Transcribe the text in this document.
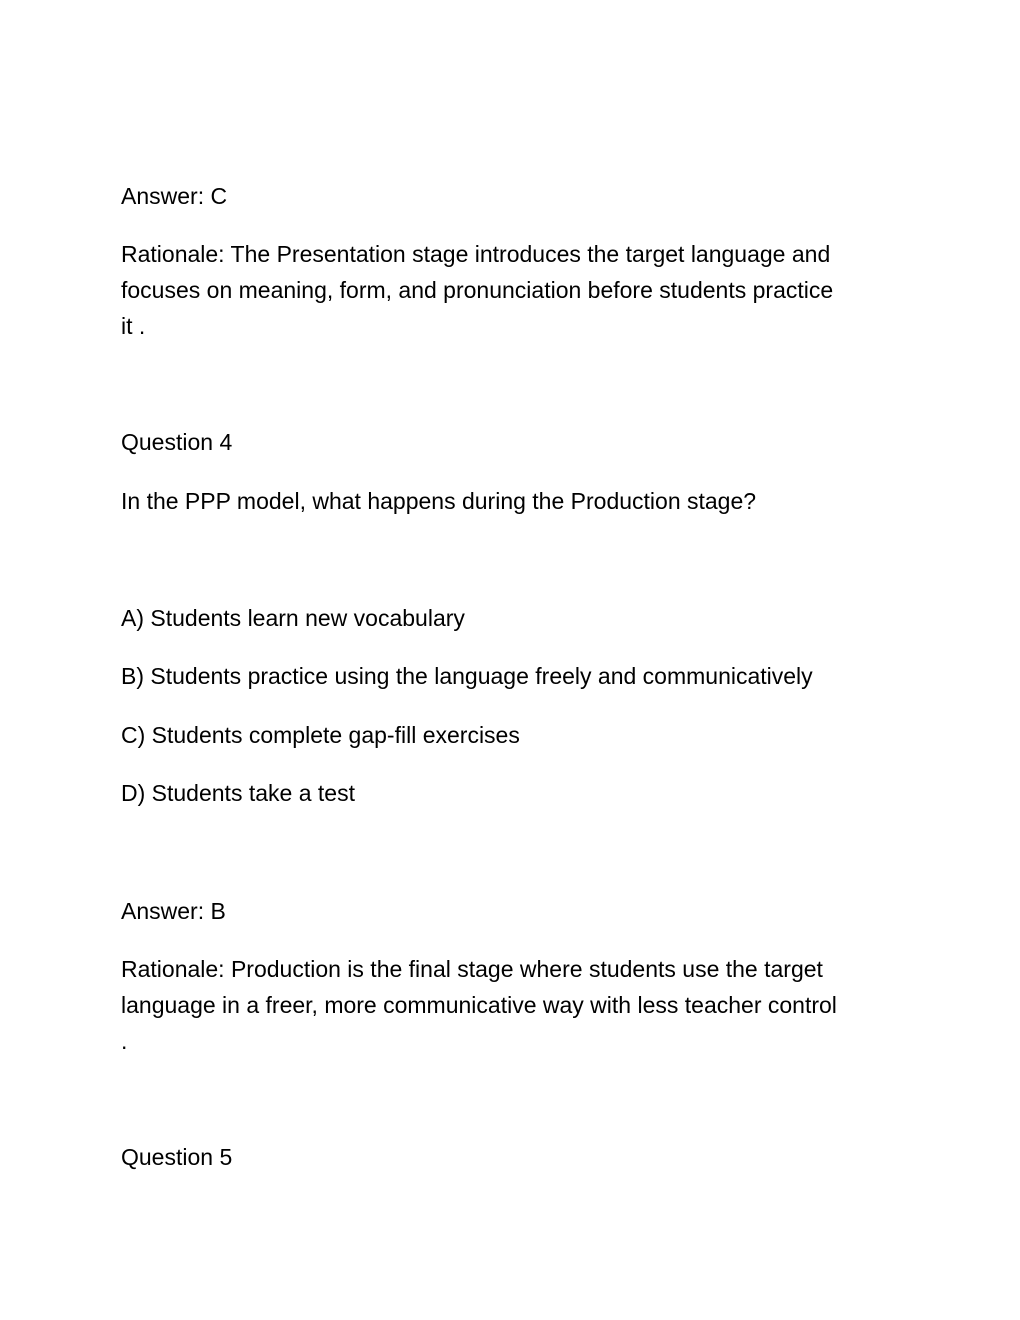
Answer: C

Rationale: The Presentation stage introduces the target language and

focuses on meaning, form, and pronunciation before students practice

it .

Question 4

In the PPP model, what happens during the Production stage?

A) Students learn new vocabulary

B) Students practice using the language freely and communicatively

C) Students complete gap-fill exercises

D) Students take a test

Answer: B

Rationale: Production is the final stage where students use the target

language in a freer, more communicative way with less teacher control

.

Question 5
